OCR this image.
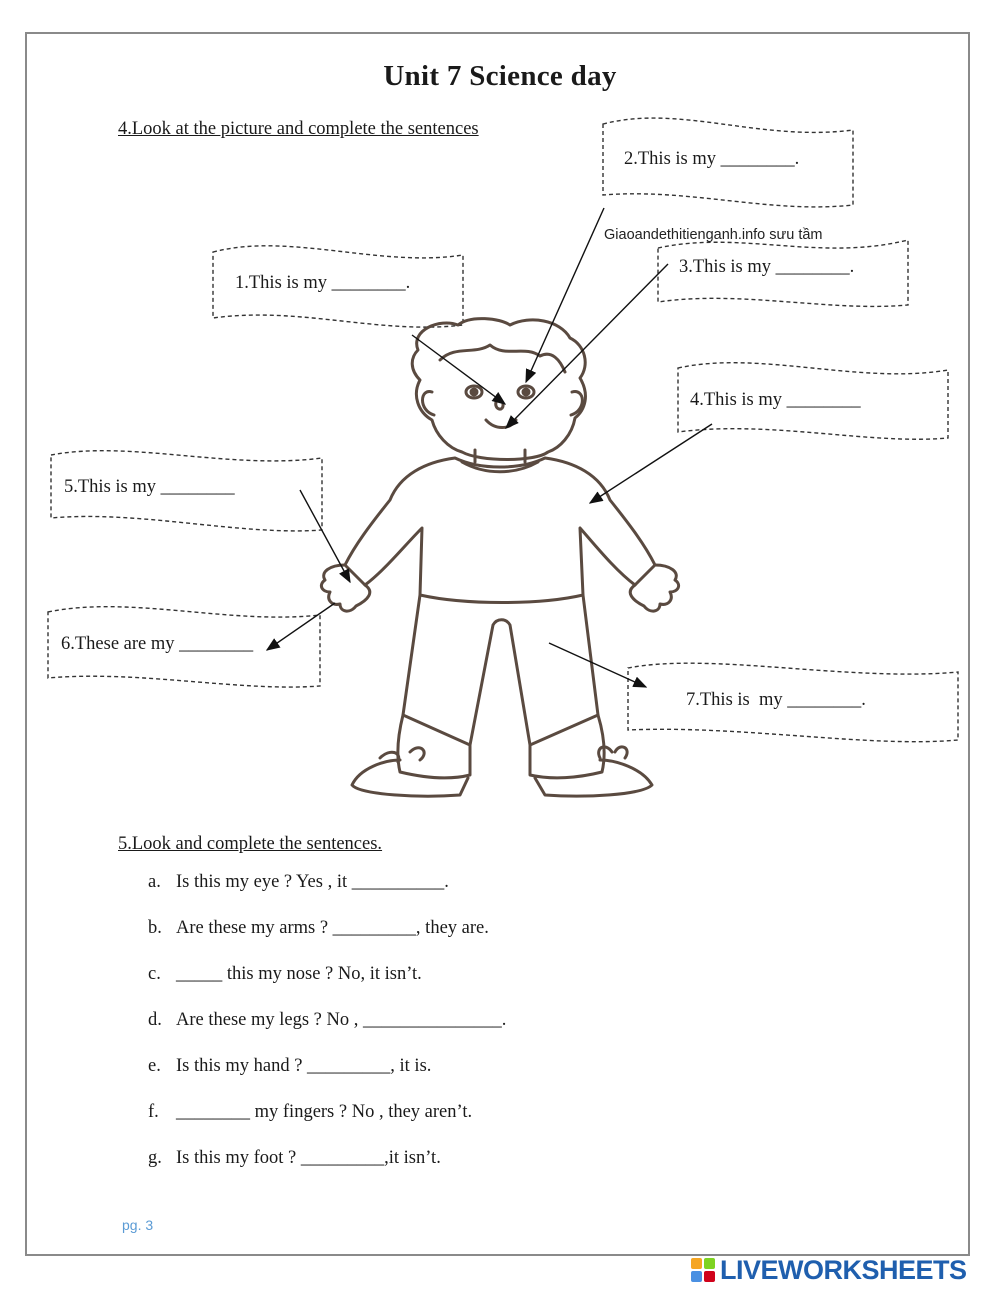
Unit 7 Science day
4.Look at the picture and complete the sentences
Giaoandethitienganh.info sưu tầm
2.This is my ________.
1.This is my ________.
3.This is my ________.
4.This is my ________
5.This is my ________
6.These are my ________
7.This is  my ________.
5.Look and complete the sentences.
a. Is this my eye ? Yes , it __________.
b. Are these my arms ? _________, they are.
c. _____ this my nose ? No, it isn’t.
d. Are these my legs ? No , _______________.
e. Is this my hand ? _________, it is.
f. ________ my fingers ? No , they aren’t.
g. Is this my foot ? _________,it isn’t.
pg. 3
LIVEWORKSHEETS
